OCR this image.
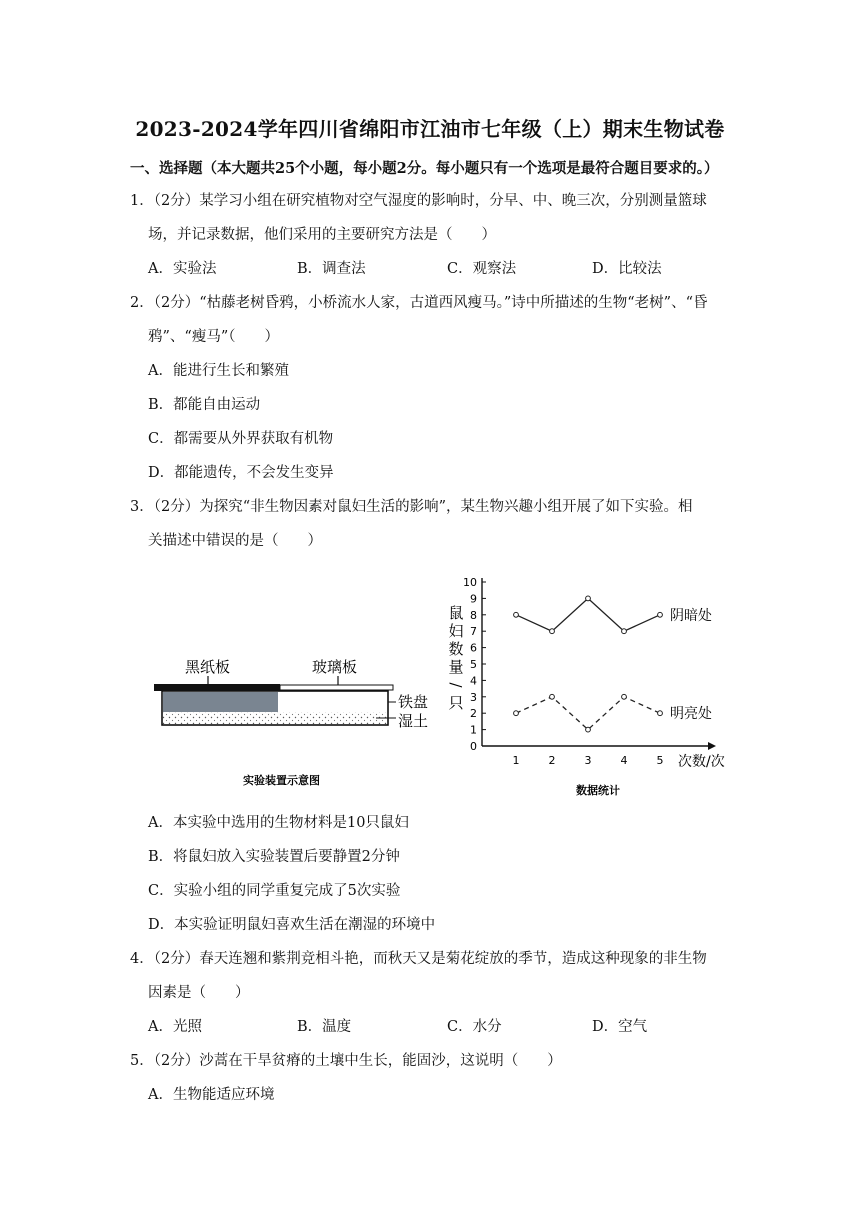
2023-2024学年四川省绵阳市江油市七年级（上）期末生物试卷
一、选择题（本大题共25个小题，每小题2分。每小题只有一个选项是最符合题目要求的。）
1．（2分）某学习小组在研究植物对空气湿度的影响时，分早、中、晚三次，分别测量篮球
场，并记录数据，他们采用的主要研究方法是（　　）
A．实验法	B．调查法	C．观察法	D．比较法
2．（2分）“枯藤老树昏鸦，小桥流水人家，古道西风瘦马。”诗中所描述的生物“老树”、“昏
鸦”、“瘦马”（　　）
A．能进行生长和繁殖
B．都能自由运动
C．都需要从外界获取有机物
D．都能遗传，不会发生变异
3．（2分）为探究“非生物因素对鼠妇生活的影响”，某生物兴趣小组开展了如下实验。相
关描述中错误的是（　　）
黑纸板	玻璃板
铁盘
湿土
实验装置示意图
0
1
2
3
4
5
6
7
8
9
10
1	2	3	4	5 次数/次
鼠
妇
数
量
/
只
阴暗处
明亮处
数据统计
A．本实验中选用的生物材料是10只鼠妇
B．将鼠妇放入实验装置后要静置2分钟
C．实验小组的同学重复完成了5次实验
D．本实验证明鼠妇喜欢生活在潮湿的环境中
4．（2分）春天连翘和紫荆竞相斗艳，而秋天又是菊花绽放的季节，造成这种现象的非生物
因素是（　　）
A．光照	B．温度	C．水分	D．空气
5．（2分）沙蒿在干旱贫瘠的土壤中生长，能固沙，这说明（　　）
A．生物能适应环境
